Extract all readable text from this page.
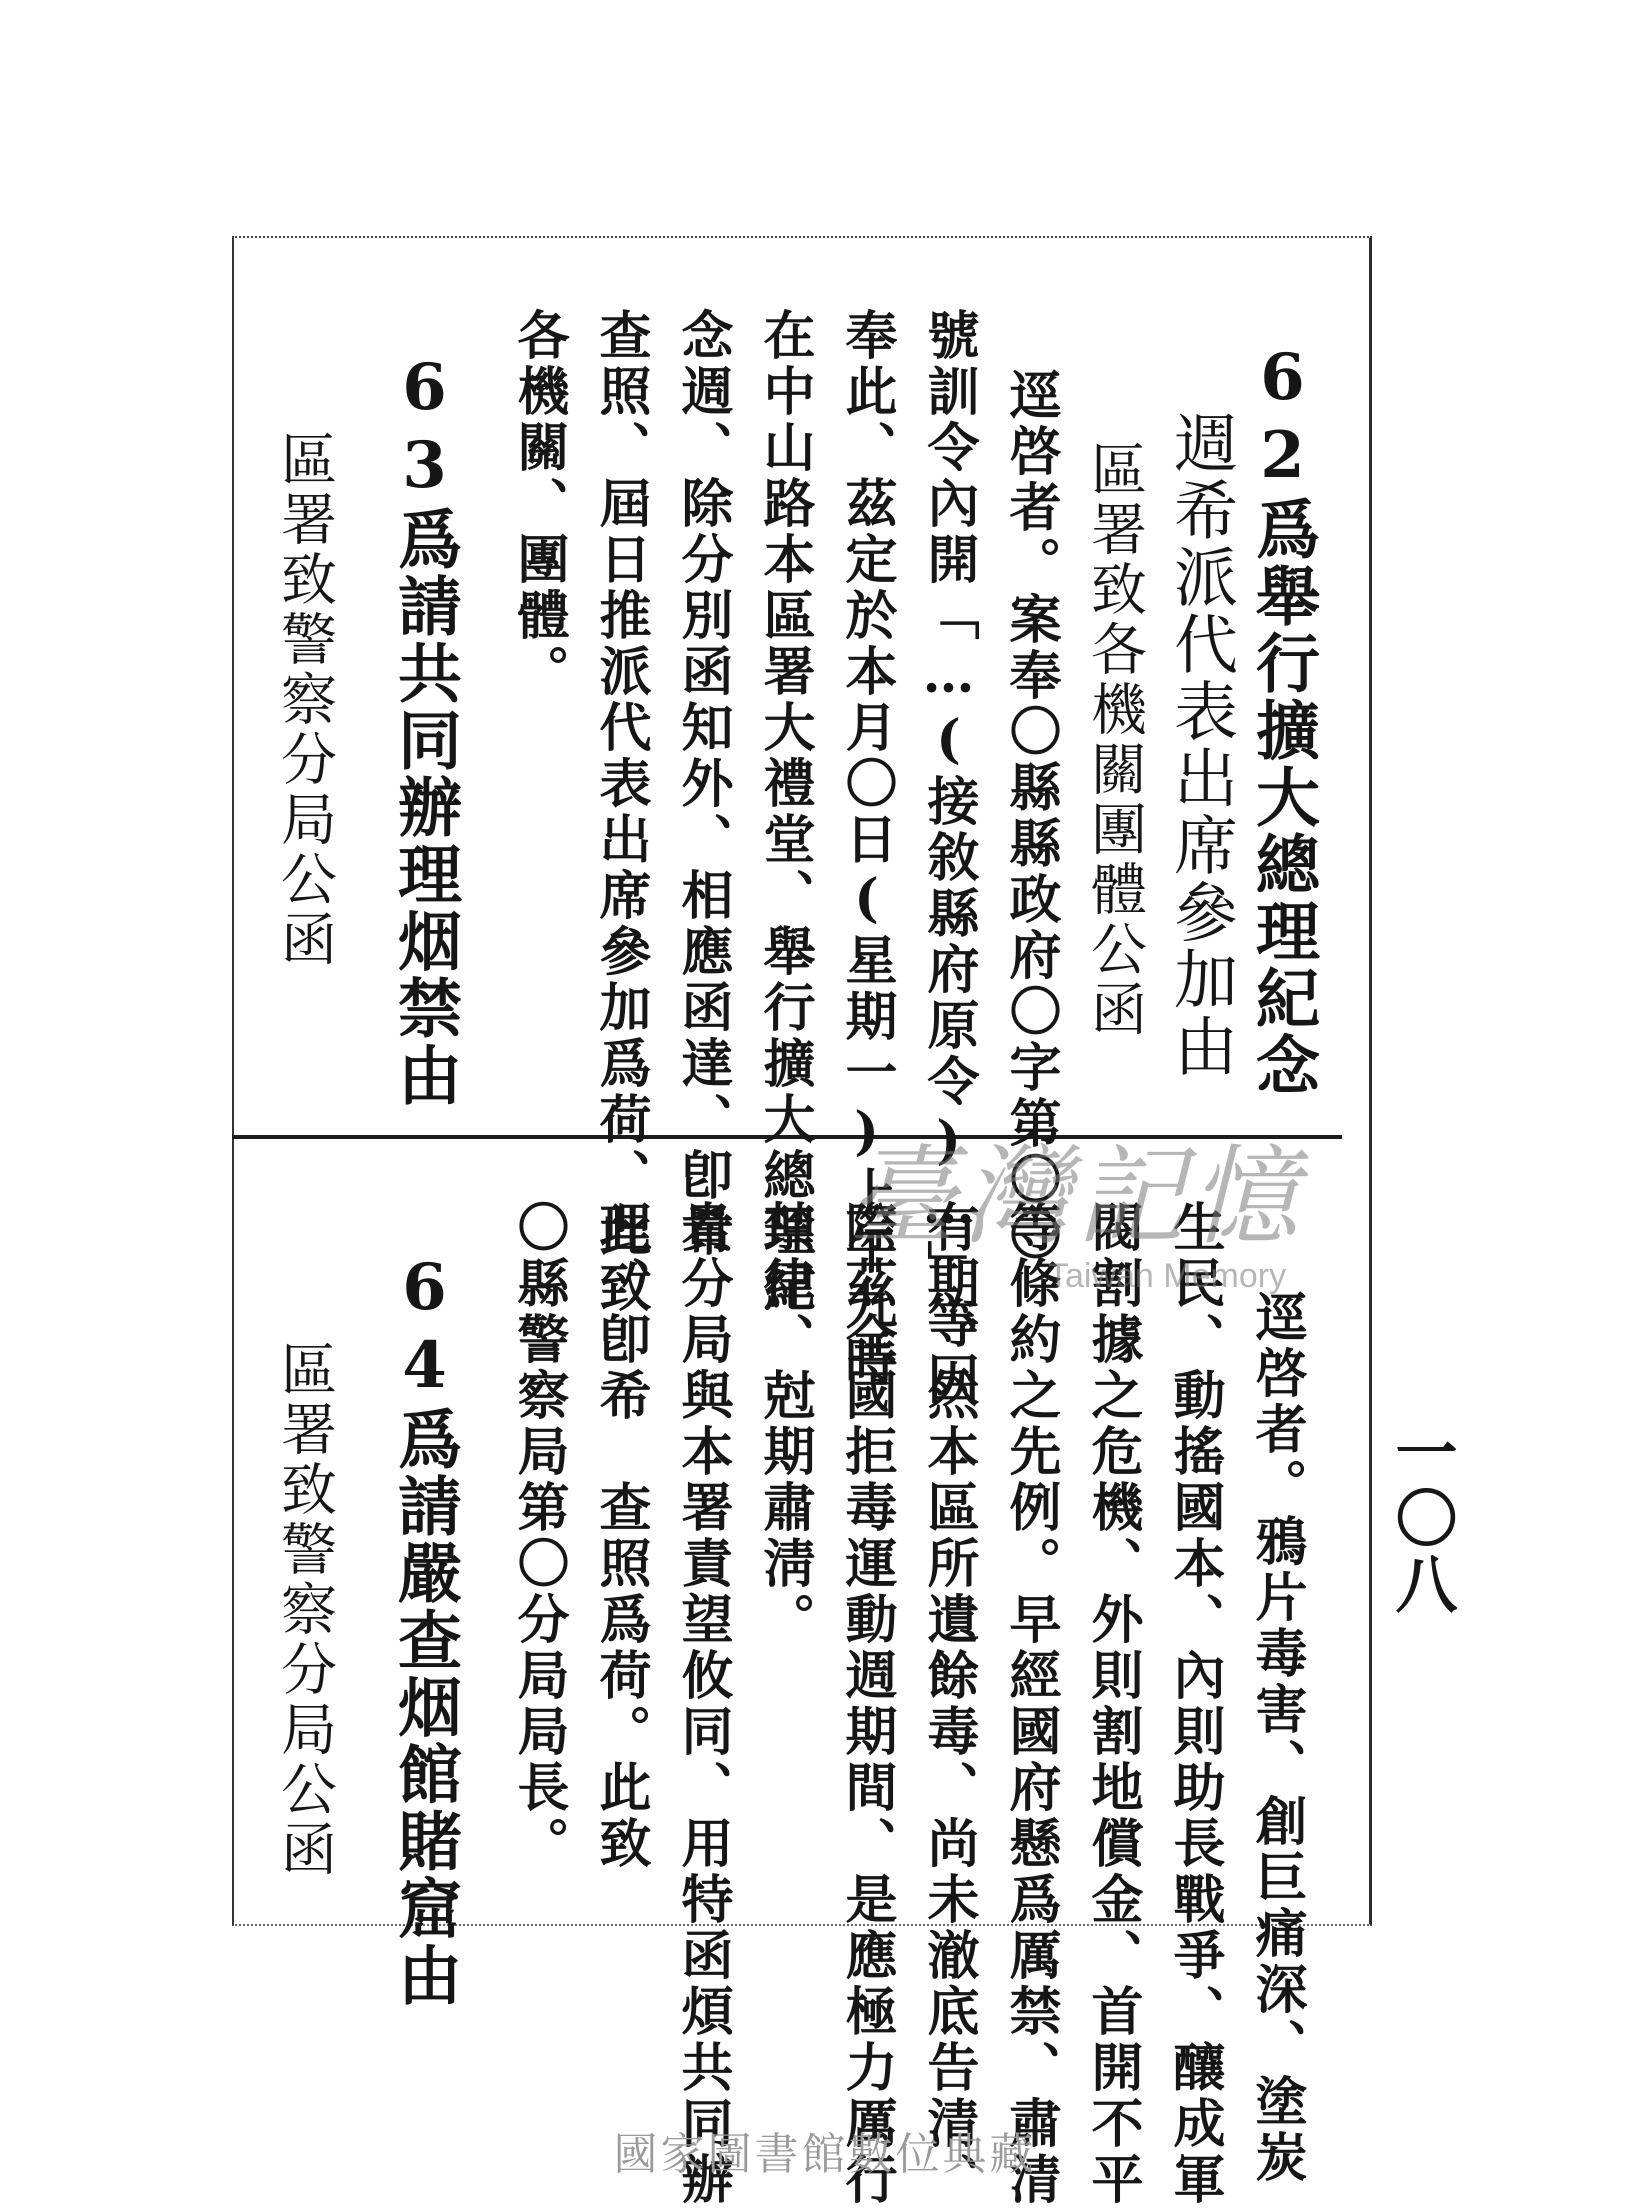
一〇八
62爲舉行擴大總理紀念
週希派代表出席參加由
區署致各機關團體公函
逕啓者。案奉〇縣縣政府〇字第〇〇
號訓令內開「…(接敘縣府原令)…」等因
奉此、茲定於本月〇日(星期一)上午九時
在中山路本區署大禮堂、舉行擴大總理紀
念週、除分別函知外、相應函達、卽希
查照、屆日推派代表出席參加爲荷、此致
各機關、團體。
63爲請共同辦理烟禁由
區署致警察分局公函
逕啓者。鴉片毒害、創巨痛深、塗炭
生民、動搖國本、內則助長戰爭、釀成軍
閥割據之危機、外則割地償金、首開不平
等條約之先例。早經國府懸爲厲禁、肅清
有期、然本區所遺餘毒、尚未澈底告清、
際茲全國拒毒運動週期間、是應極力厲行
禁律、尅期肅淸。
貴分局與本署責望攸同、用特函煩共同辦
理、卽希　查照爲荷。此致
〇縣警察局第〇分局局長。
64爲請嚴查烟館賭窟由
區署致警察分局公函
臺灣記憶
Taiwan Memory
國家圖書館數位典藏
